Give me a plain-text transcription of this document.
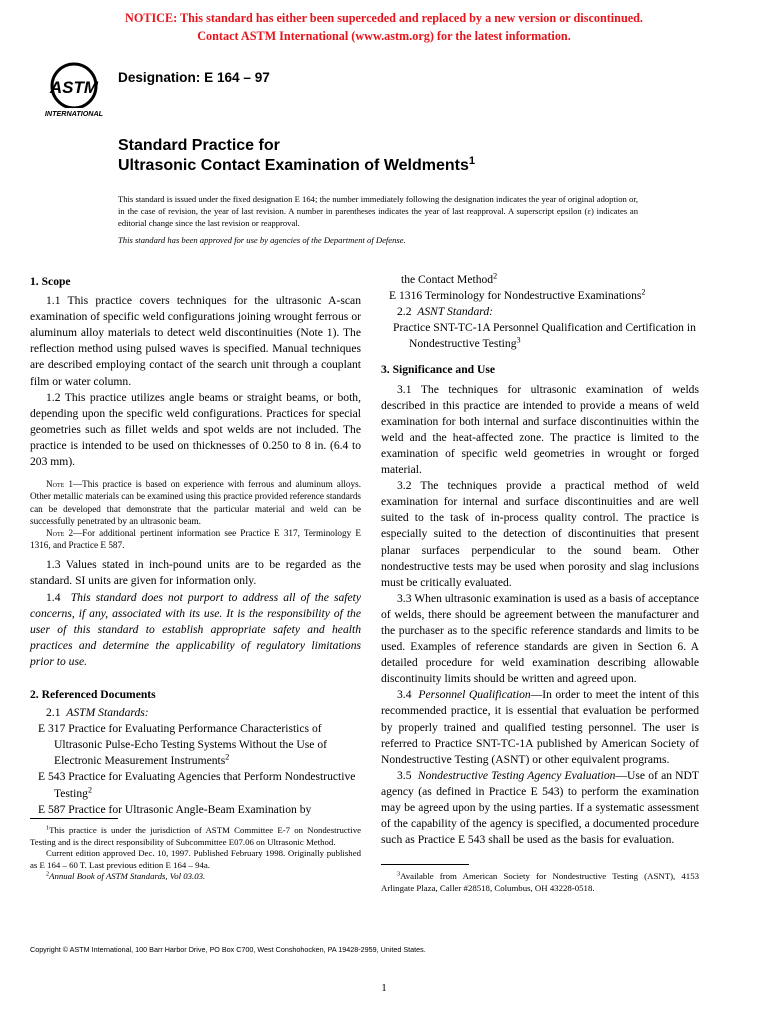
NOTICE: This standard has either been superceded and replaced by a new version or discontinued.
Contact ASTM International (www.astm.org) for the latest information.
ASTM
INTERNATIONAL
Designation: E 164 – 97
Standard Practice for
Ultrasonic Contact Examination of Weldments$^1$
This standard is issued under the fixed designation E 164; the number immediately following the designation indicates the year of original adoption or, in the case of revision, the year of last revision. A number in parentheses indicates the year of last reapproval. A superscript epsilon (ε) indicates an editorial change since the last revision or reapproval.
This standard has been approved for use by agencies of the Department of Defense.

1. Scope

1.1 This practice covers techniques for the ultrasonic A-scan examination of specific weld configurations joining wrought ferrous or aluminum alloy materials to detect weld discontinuities (Note 1). The reflection method using pulsed waves is specified. Manual techniques are described employing contact of the search unit through a couplant film or water column.

1.2 This practice utilizes angle beams or straight beams, or both, depending upon the specific weld configurations. Practices for special geometries such as fillet welds and spot welds are not included. The practice is intended to be used on thicknesses of 0.250 to 8 in. (6.4 to 203 mm).

Note 1—This practice is based on experience with ferrous and aluminum alloys. Other metallic materials can be examined using this practice provided reference standards can be developed that demonstrate that the particular material and weld can be successfully penetrated by an ultrasonic beam.

Note 2—For additional pertinent information see Practice E 317, Terminology E 1316, and Practice E 587.

1.3 Values stated in inch-pound units are to be regarded as the standard. SI units are given for information only.

1.4 This standard does not purport to address all of the safety concerns, if any, associated with its use. It is the responsibility of the user of this standard to establish appropriate safety and health practices and determine the applicability of regulatory limitations prior to use.

2. Referenced Documents

2.1 ASTM Standards:

E 317 Practice for Evaluating Performance Characteristics of Ultrasonic Pulse-Echo Testing Systems Without the Use of Electronic Measurement Instruments$^2$

E 543 Practice for Evaluating Agencies that Perform Nondestructive Testing$^2$

E 587 Practice for Ultrasonic Angle-Beam Examination by

$^1$This practice is under the jurisdiction of ASTM Committee E-7 on Nondestructive Testing and is the direct responsibility of Subcommittee E07.06 on Ultrasonic Method.

Current edition approved Dec. 10, 1997. Published February 1998. Originally published as E 164 – 60 T. Last previous edition E 164 – 94a.

$^2$Annual Book of ASTM Standards, Vol 03.03.

the Contact Method$^2$

E 1316 Terminology for Nondestructive Examinations$^2$

2.2 ASNT Standard:

Practice SNT-TC-1A Personnel Qualification and Certification in Nondestructive Testing$^3$

3. Significance and Use

3.1 The techniques for ultrasonic examination of welds described in this practice are intended to provide a means of weld examination for both internal and surface discontinuities within the weld and the heat-affected zone. The practice is limited to the examination of specific weld geometries in wrought or forged material.

3.2 The techniques provide a practical method of weld examination for internal and surface discontinuities and are well suited to the task of in-process quality control. The practice is especially suited to the detection of discontinuities that present planar surfaces perpendicular to the sound beam. Other nondestructive tests may be used when porosity and slag inclusions must be critically evaluated.

3.3 When ultrasonic examination is used as a basis of acceptance of welds, there should be agreement between the manufacturer and the purchaser as to the specific reference standards and limits to be used. Examples of reference standards are given in Section 6. A detailed procedure for weld examination describing allowable discontinuity limits should be written and agreed upon.

3.4 Personnel Qualification—In order to meet the intent of this recommended practice, it is essential that evaluation be performed by properly trained and qualified testing personnel. The user is referred to Practice SNT-TC-1A published by American Society of Nondestructive Testing (ASNT) or other equivalent programs.

3.5 Nondestructive Testing Agency Evaluation—Use of an NDT agency (as defined in Practice E 543) to perform the examination may be agreed upon by the using parties. If a systematic assessment of the capability of the agency is specified, a documented procedure such as Practice E 543 shall be used as the basis for evaluation.

$^3$Available from American Society for Nondestructive Testing (ASNT), 4153 Arlingate Plaza, Caller #28518, Columbus, OH 43228-0518.

Copyright © ASTM International, 100 Barr Harbor Drive, PO Box C700, West Conshohocken, PA 19428-2959, United States.
1
